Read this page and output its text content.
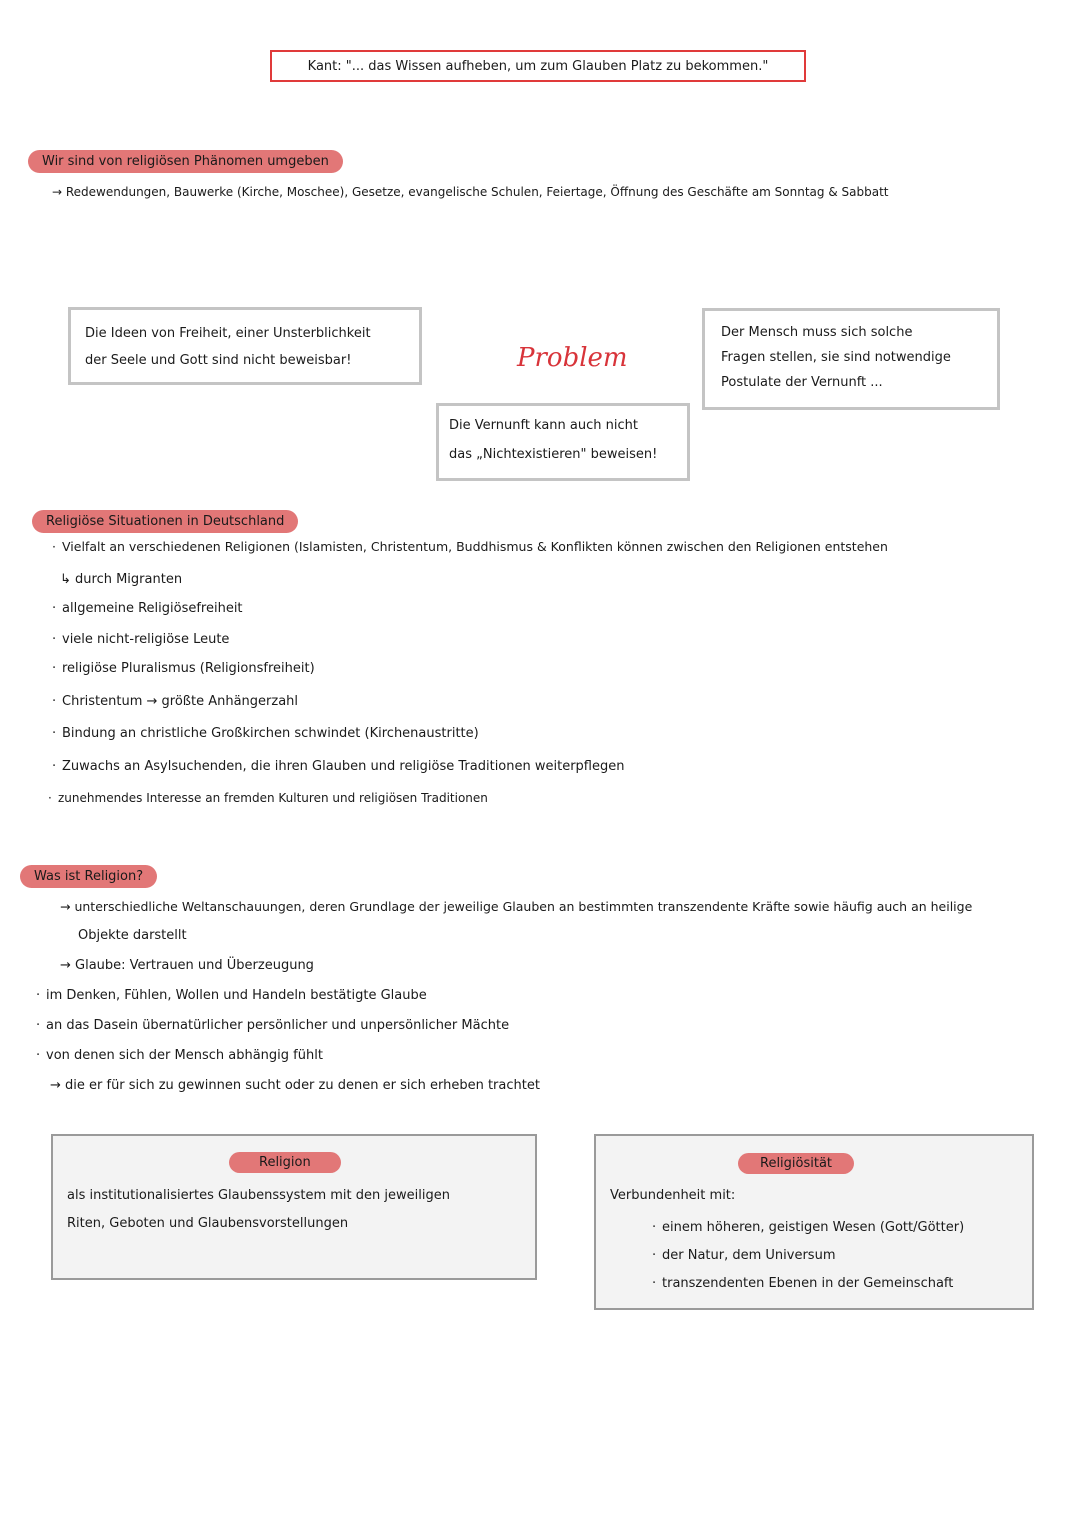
Kant: "... das Wissen aufheben, um zum Glauben Platz zu bekommen."
Wir sind von religiösen Phänomen umgeben
→ Redewendungen, Bauwerke (Kirche, Moschee), Gesetze, evangelische Schulen, Feiertage, Öffnung des Geschäfte am Sonntag & Sabbatt
Die Ideen von Freiheit, einer Unsterblichkeit
der Seele und Gott sind nicht beweisbar!	Problem
Der Mensch muss sich solche
Fragen stellen, sie sind notwendige
Postulate der Vernunft ...
Die Vernunft kann auch nicht
das „Nichtexistieren" beweisen!
Religiöse Situationen in Deutschland
· Vielfalt an verschiedenen Religionen (Islamisten, Christentum, Buddhismus & Konflikten können zwischen den Religionen entstehen
↳ durch Migranten
· allgemeine Religiösefreiheit
· viele nicht-religiöse Leute
· religiöse Pluralismus (Religionsfreiheit)
· Christentum → größte Anhängerzahl
· Bindung an christliche Großkirchen schwindet (Kirchenaustritte)
· Zuwachs an Asylsuchenden, die ihren Glauben und religiöse Traditionen weiterpflegen
· zunehmendes Interesse an fremden Kulturen und religiösen Traditionen
Was ist Religion?
→ unterschiedliche Weltanschauungen, deren Grundlage der jeweilige Glauben an bestimmten transzendente Kräfte sowie häufig auch an heilige
Objekte darstellt
→ Glaube: Vertrauen und Überzeugung
· im Denken, Fühlen, Wollen und Handeln bestätigte Glaube
· an das Dasein übernatürlicher persönlicher und unpersönlicher Mächte
· von denen sich der Mensch abhängig fühlt
→ die er für sich zu gewinnen sucht oder zu denen er sich erheben trachtet
Religion
als institutionalisiertes Glaubenssystem mit den jeweiligen
Riten, Geboten und Glaubensvorstellungen
Religiösität
Verbundenheit mit:
· einem höheren, geistigen Wesen (Gott/Götter)
· der Natur, dem Universum
· transzendenten Ebenen in der Gemeinschaft
